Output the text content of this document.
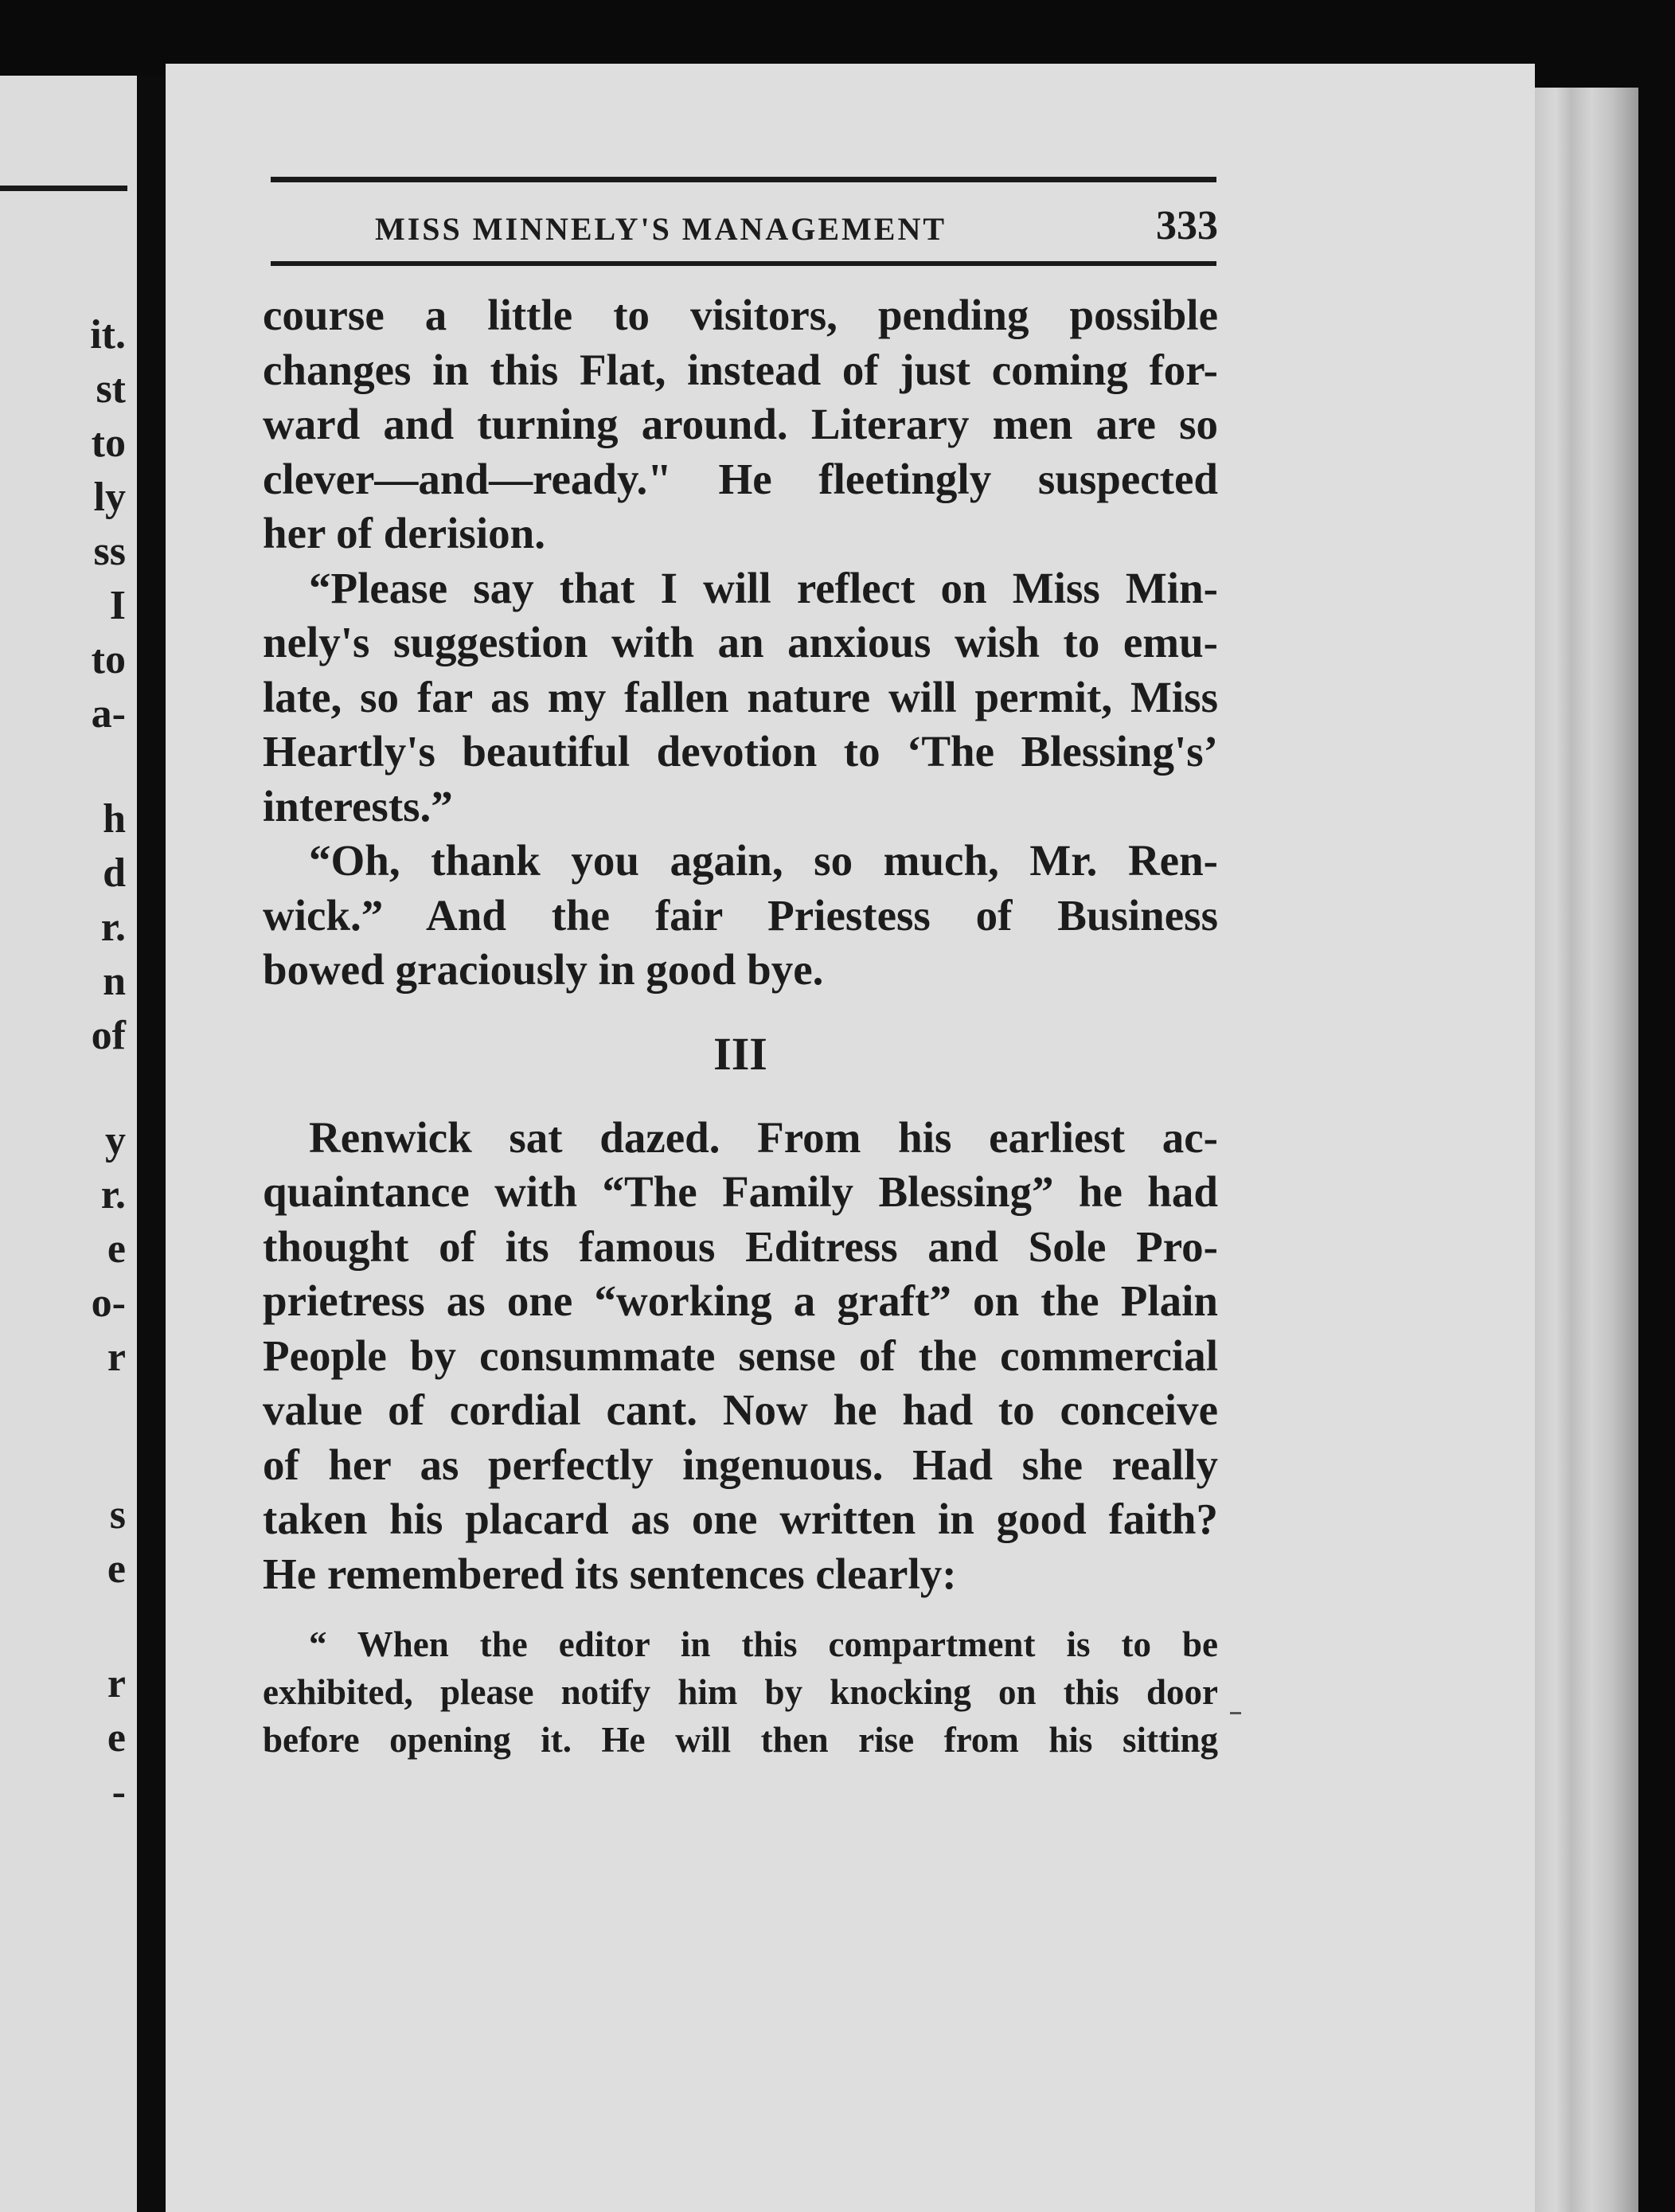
it.
st
to
ly
ss
I
to
a-
h
d
r.
n
of
y
r.
e
o-
r
s
e
r
e
-
MISS MINNELY'S MANAGEMENT	333
course a little to visitors, pending possible
changes in this Flat, instead of just coming for-
ward and turning around. Literary men are so
clever—and—ready." He fleetingly suspected
her of derision.
“Please say that I will reflect on Miss Min-
nely's suggestion with an anxious wish to emu-
late, so far as my fallen nature will permit, Miss
Heartly's beautiful devotion to ‘The Blessing's’
interests.”
“Oh, thank you again, so much, Mr. Ren-
wick.” And the fair Priestess of Business
bowed graciously in good bye.
III
Renwick sat dazed. From his earliest ac-
quaintance with “The Family Blessing” he had
thought of its famous Editress and Sole Pro-
prietress as one “working a graft” on the Plain
People by consummate sense of the commercial
value of cordial cant. Now he had to conceive
of her as perfectly ingenuous. Had she really
taken his placard as one written in good faith?
He remembered its sentences clearly:
“ When the editor in this compartment is to be
exhibited, please notify him by knocking on this door
before opening it. He will then rise from his sitting
